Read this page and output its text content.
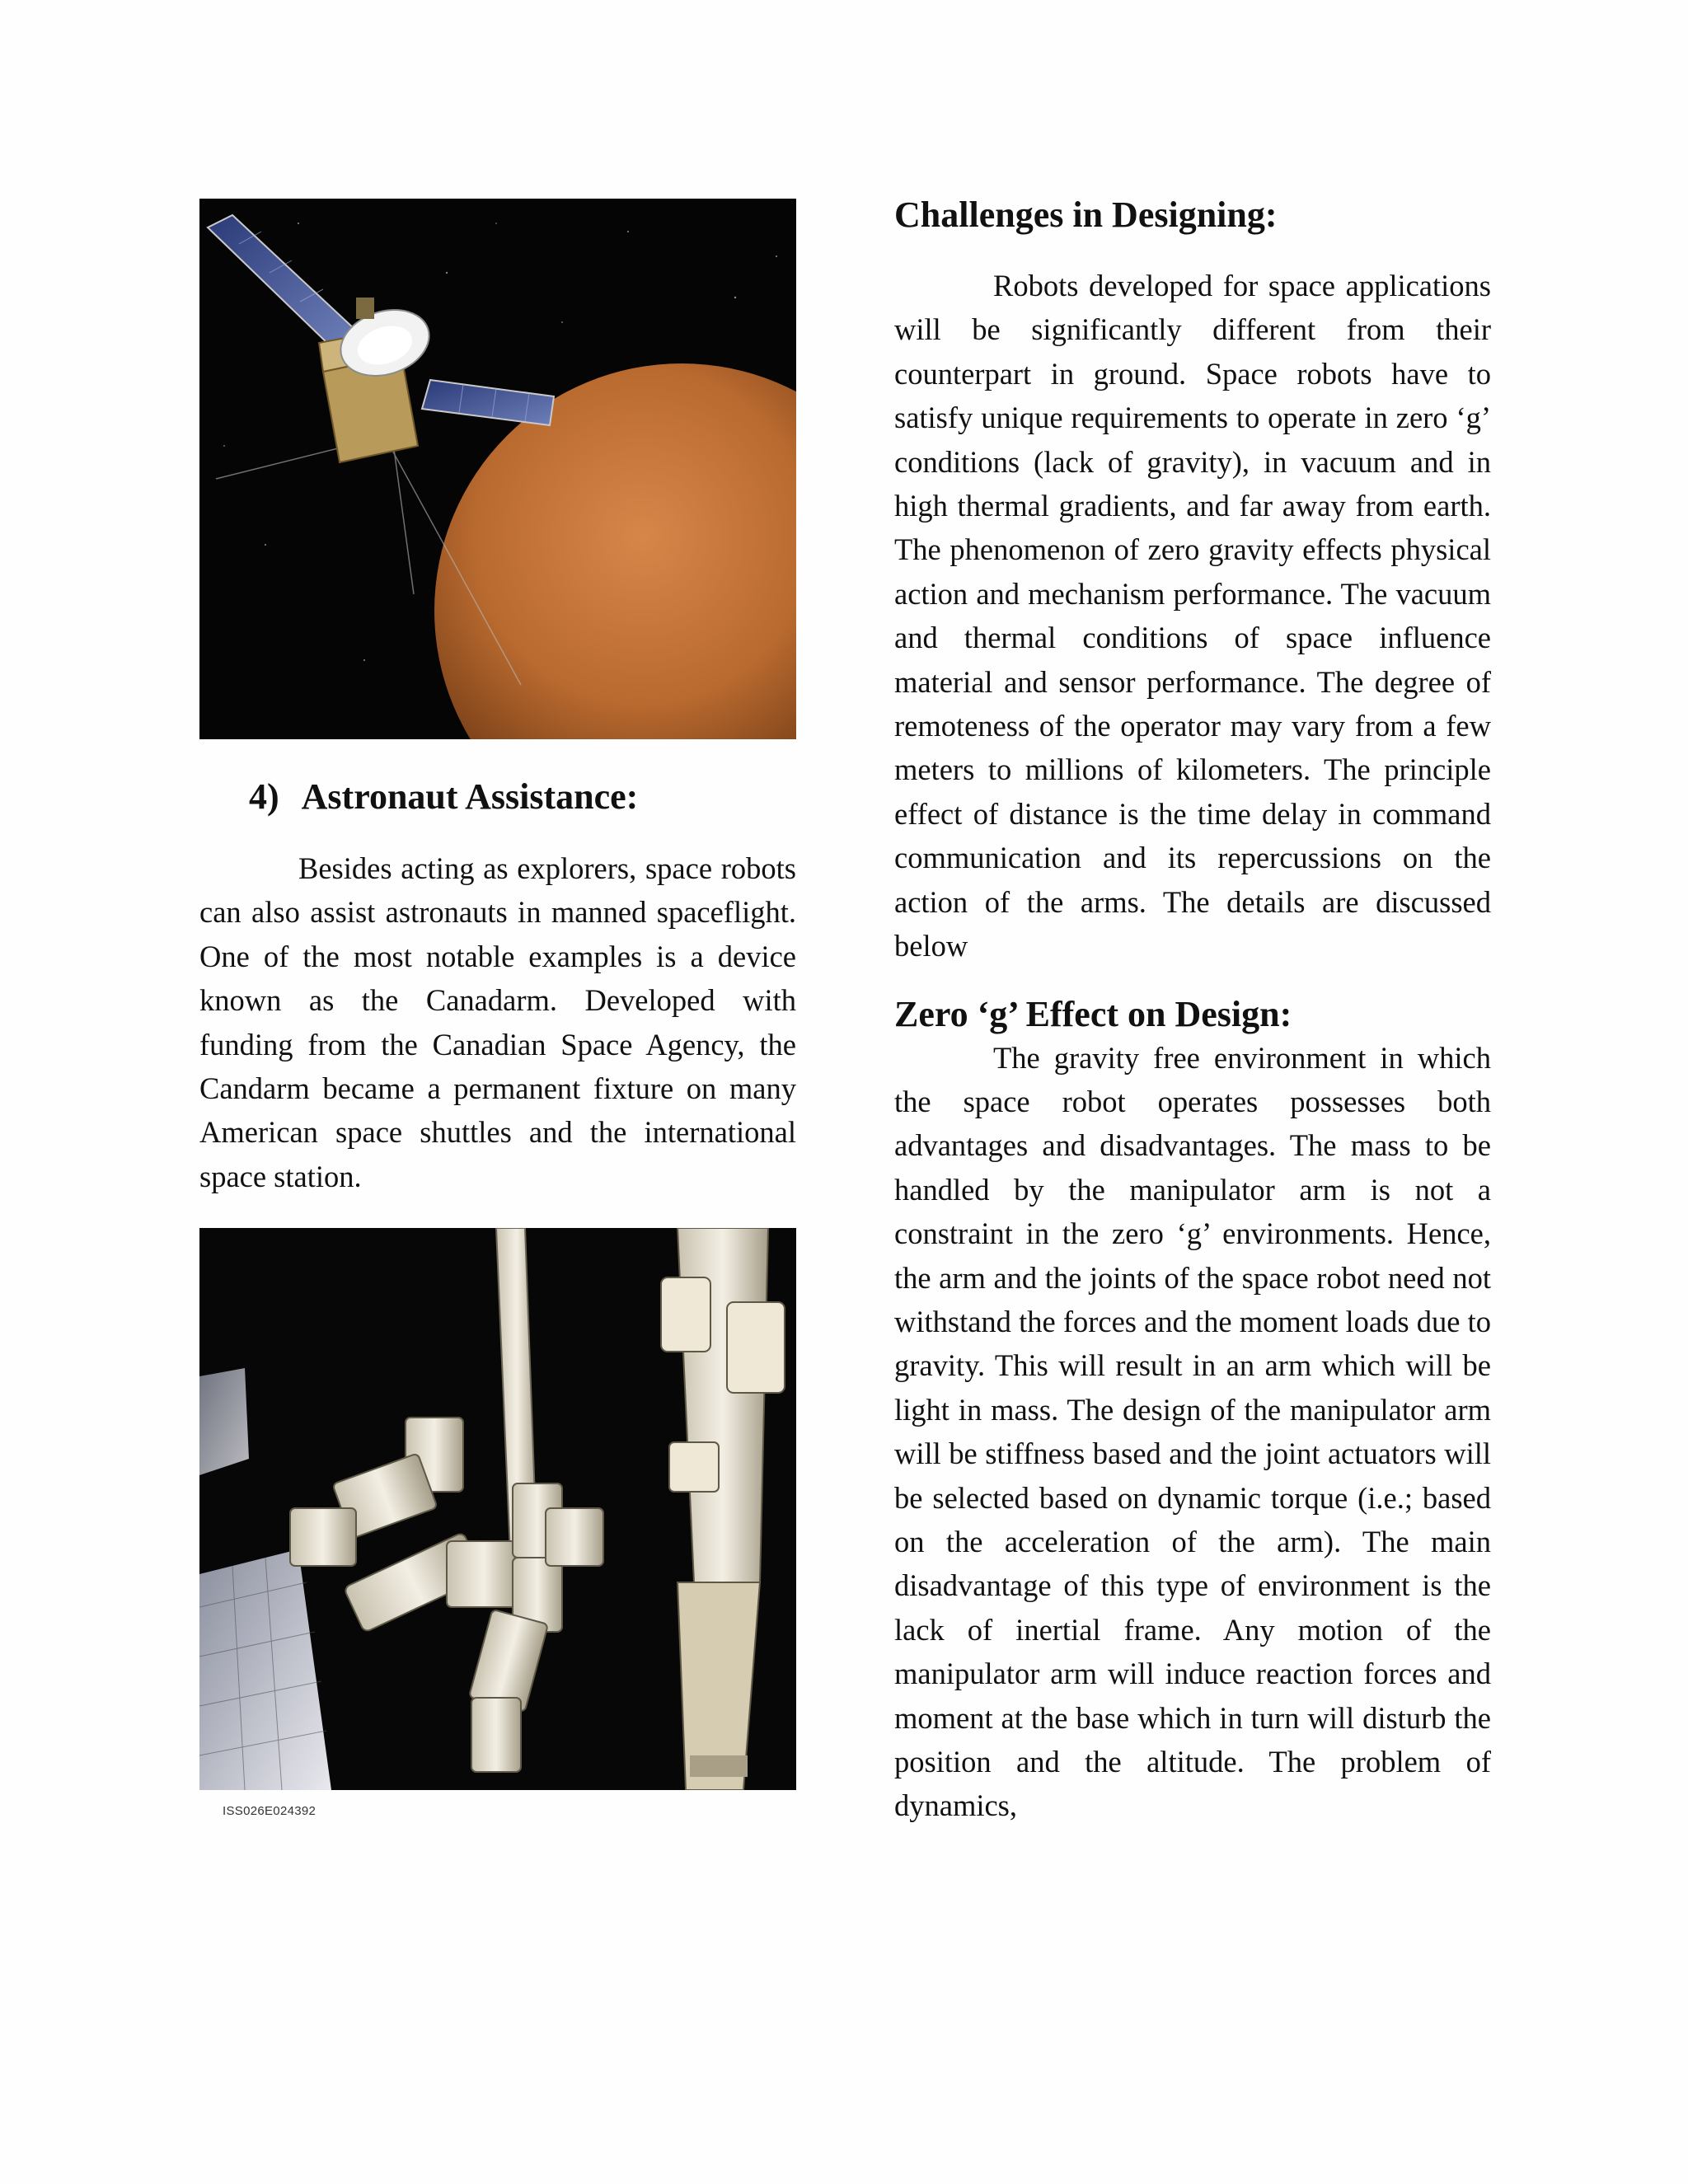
4) Astronaut Assistance:

Besides acting as explorers, space robots can also assist astronauts in manned spaceflight. One of the most notable examples is a device known as the Canadarm. Developed with funding from the Canadian Space Agency, the Candarm became a permanent fixture on many American space shuttles and the international space station.

ISS026E024392
Challenges in Designing:

Robots developed for space applications will be significantly different from their counterpart in ground. Space robots have to satisfy unique requirements to operate in zero ‘g’ conditions (lack of gravity), in vacuum and in high thermal gradients, and far away from earth. The phenomenon of zero gravity effects physical action and mechanism performance. The vacuum and thermal conditions of space influence material and sensor performance. The degree of remoteness of the operator may vary from a few meters to millions of kilometers. The principle effect of distance is the time delay in command communication and its repercussions on the action of the arms. The details are discussed below

Zero ‘g’ Effect on Design:

The gravity free environment in which the space robot operates possesses both advantages and disadvantages. The mass to be handled by the manipulator arm is not a constraint in the zero ‘g’ environments. Hence, the arm and the joints of the space robot need not withstand the forces and the moment loads due to gravity. This will result in an arm which will be light in mass. The design of the manipulator arm will be stiffness based and the joint actuators will be selected based on dynamic torque (i.e.; based on the acceleration of the arm). The main disadvantage of this type of environment is the lack of inertial frame. Any motion of the manipulator arm will induce reaction forces and moment at the base which in turn will disturb the position and the altitude. The problem of dynamics,
